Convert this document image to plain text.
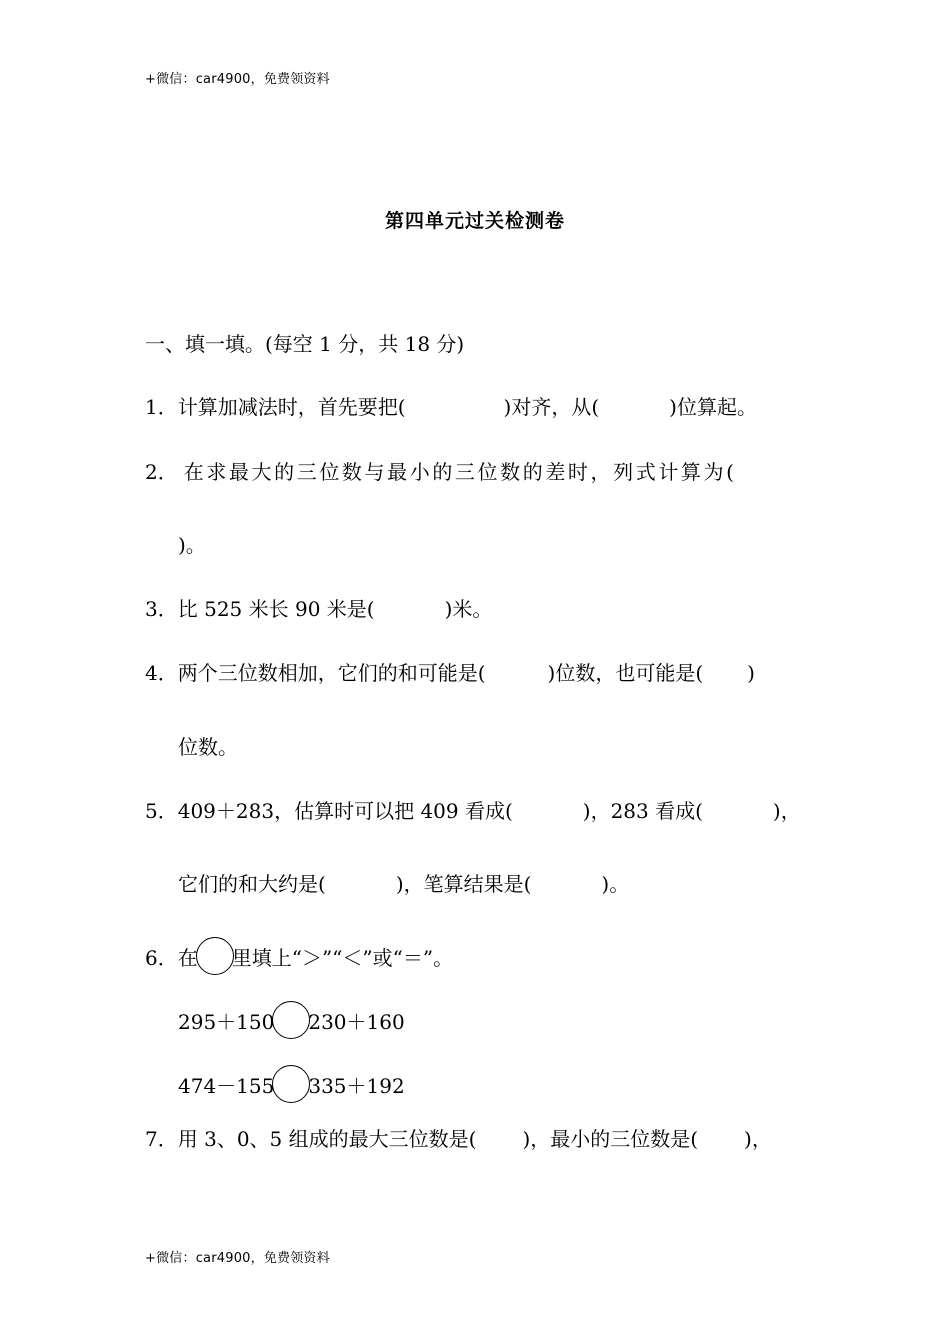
+微信：car4900，免费领资料
第四单元过关检测卷
一、填一填。(每空 1 分，共 18 分)
1．计算加减法时，首先要把(	)对齐，从(	)位算起。
2． 在求最大的三位数与最小的三位数的差时，列式计算为(
)。
3．比 525 米长 90 米是(	)米。
4．两个三位数相加，它们的和可能是(	)位数，也可能是( )
位数。
5．409＋283，估算时可以把 409 看成(	)，283 看成(	)，
它们的和大约是(	)，笔算结果是(	)。
6．在 里填上“＞”“＜”或“＝”。
295＋150 230＋160
474－155 335＋192
7．用 3、0、5 组成的最大三位数是( )，最小的三位数是( )，
+微信：car4900，免费领资料
